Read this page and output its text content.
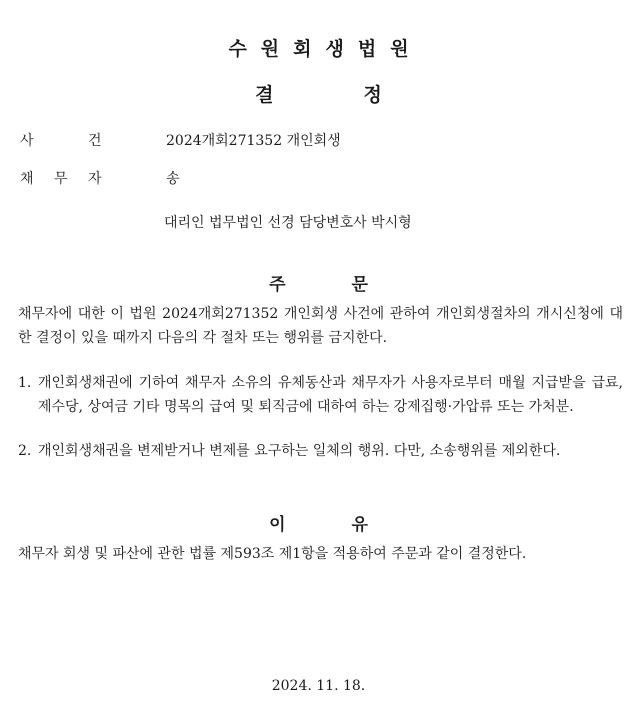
수원회생법원
결	정
사	건	2024개회271352 개인회생
채 무 자	송
대리인 법무법인 선경 담당변호사 박시형
주	문
채무자에 대한 이 법원 2024개회271352 개인회생 사건에 관하여 개인회생절차의 개시신청에 대한 결정이 있을 때까지 다음의 각 절차 또는 행위를 금지한다.
1. 개인회생채권에 기하여 채무자 소유의 유체동산과 채무자가 사용자로부터 매월 지급받을 급료, 제수당, 상여금 기타 명목의 급여 및 퇴직금에 대하여 하는 강제집행·가압류 또는 가처분.
2. 개인회생채권을 변제받거나 변제를 요구하는 일체의 행위. 다만, 소송행위를 제외한다.
이	유
채무자 회생 및 파산에 관한 법률 제593조 제1항을 적용하여 주문과 같이 결정한다.
2024. 11. 18.
